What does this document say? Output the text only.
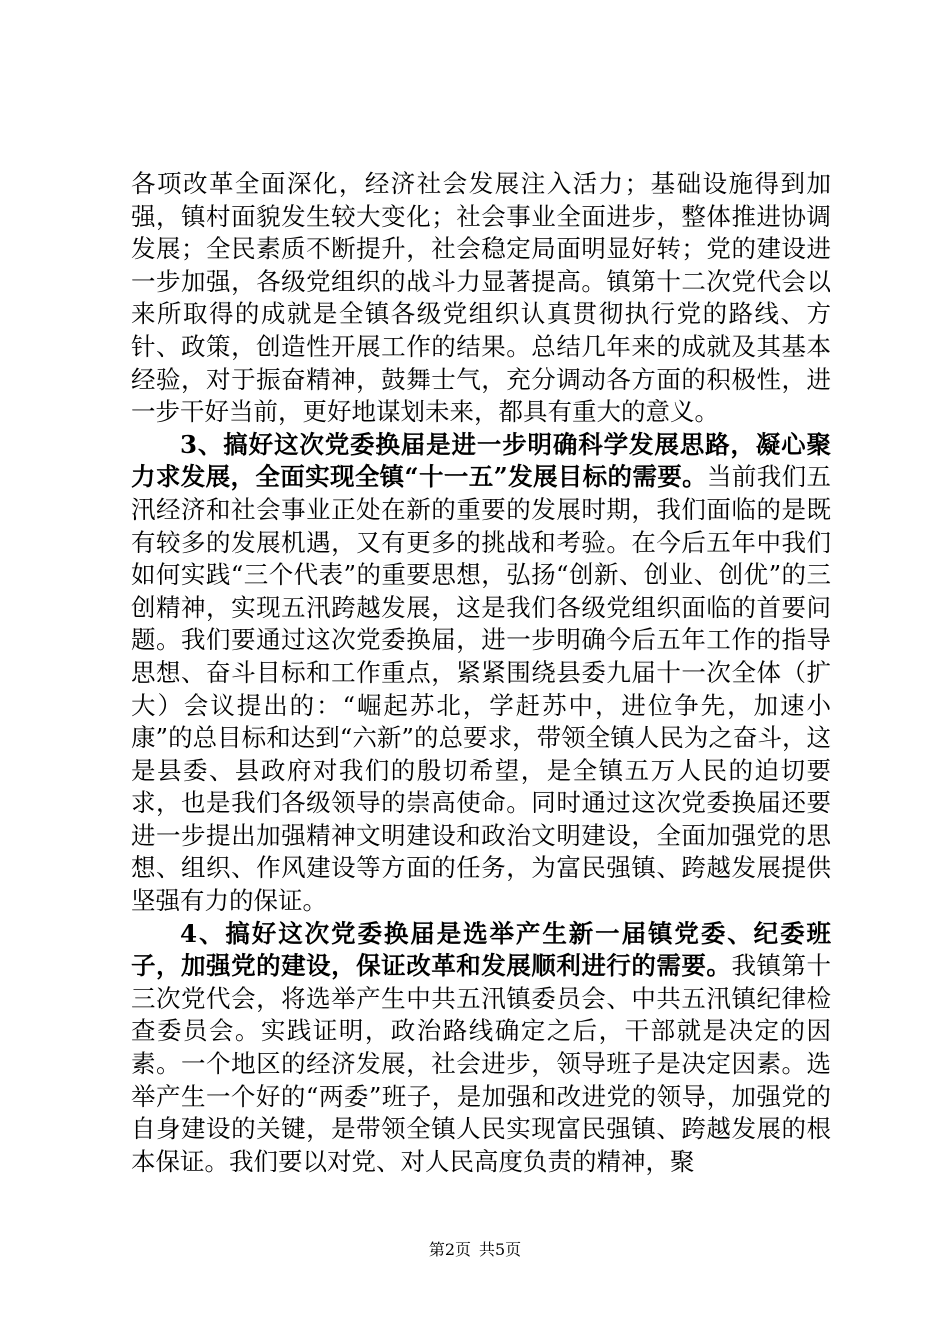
各项改革全面深化，经济社会发展注入活力；基础设施得到加强，镇村面貌发生较大变化；社会事业全面进步，整体推进协调发展；全民素质不断提升，社会稳定局面明显好转；党的建设进一步加强，各级党组织的战斗力显著提高。镇第十二次党代会以来所取得的成就是全镇各级党组织认真贯彻执行党的路线、方针、政策，创造性开展工作的结果。总结几年来的成就及其基本经验，对于振奋精神，鼓舞士气，充分调动各方面的积极性，进一步干好当前，更好地谋划未来，都具有重大的意义。

3、搞好这次党委换届是进一步明确科学发展思路，凝心聚力求发展，全面实现全镇“十一五”发展目标的需要。当前我们五汛经济和社会事业正处在新的重要的发展时期，我们面临的是既有较多的发展机遇，又有更多的挑战和考验。在今后五年中我们如何实践“三个代表”的重要思想，弘扬“创新、创业、创优”的三创精神，实现五汛跨越发展，这是我们各级党组织面临的首要问题。我们要通过这次党委换届，进一步明确今后五年工作的指导思想、奋斗目标和工作重点，紧紧围绕县委九届十一次全体（扩大）会议提出的：“崛起苏北，学赶苏中，进位争先，加速小康”的总目标和达到“六新”的总要求，带领全镇人民为之奋斗，这是县委、县政府对我们的殷切希望，是全镇五万人民的迫切要求，也是我们各级领导的崇高使命。同时通过这次党委换届还要进一步提出加强精神文明建设和政治文明建设，全面加强党的思想、组织、作风建设等方面的任务，为富民强镇、跨越发展提供坚强有力的保证。

4、搞好这次党委换届是选举产生新一届镇党委、纪委班子，加强党的建设，保证改革和发展顺利进行的需要。我镇第十三次党代会，将选举产生中共五汛镇委员会、中共五汛镇纪律检查委员会。实践证明，政治路线确定之后，干部就是决定的因素。一个地区的经济发展，社会进步，领导班子是决定因素。选举产生一个好的“两委”班子，是加强和改进党的领导，加强党的自身建设的关键，是带领全镇人民实现富民强镇、跨越发展的根本保证。我们要以对党、对人民高度负责的精神，聚

第2页 共5页
